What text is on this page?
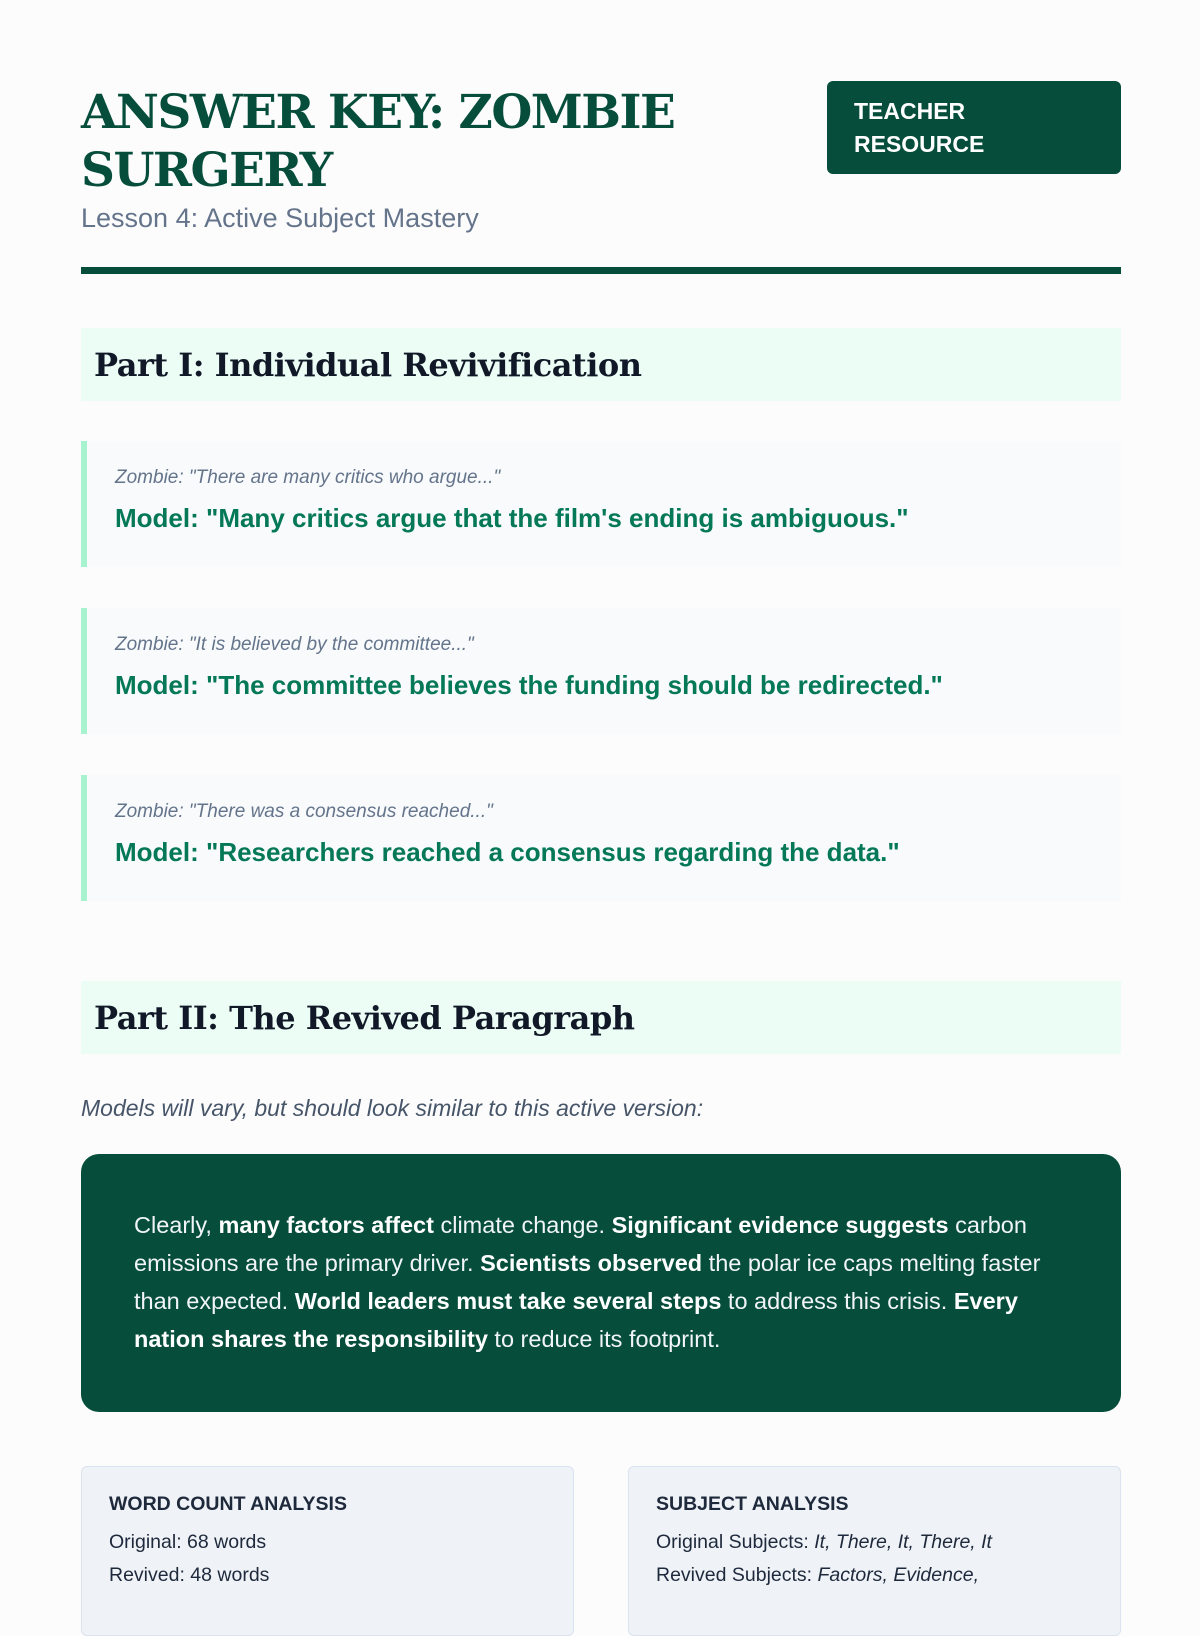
ANSWER KEY: ZOMBIE SURGERY
Lesson 4: Active Subject Mastery
TEACHER RESOURCE
Part I: Individual Revivification
Zombie: "There are many critics who argue..."
Model: "Many critics argue that the film's ending is ambiguous."
Zombie: "It is believed by the committee..."
Model: "The committee believes the funding should be redirected."
Zombie: "There was a consensus reached..."
Model: "Researchers reached a consensus regarding the data."
Part II: The Revived Paragraph
Models will vary, but should look similar to this active version:
Clearly, many factors affect climate change. Significant evidence suggests carbon emissions are the primary driver. Scientists observed the polar ice caps melting faster than expected. World leaders must take several steps to address this crisis. Every nation shares the responsibility to reduce its footprint.
WORD COUNT ANALYSIS

Original: 68 words

Revived: 48 words

SUBJECT ANALYSIS

Original Subjects: It, There, It, There, It

Revived Subjects: Factors, Evidence,
